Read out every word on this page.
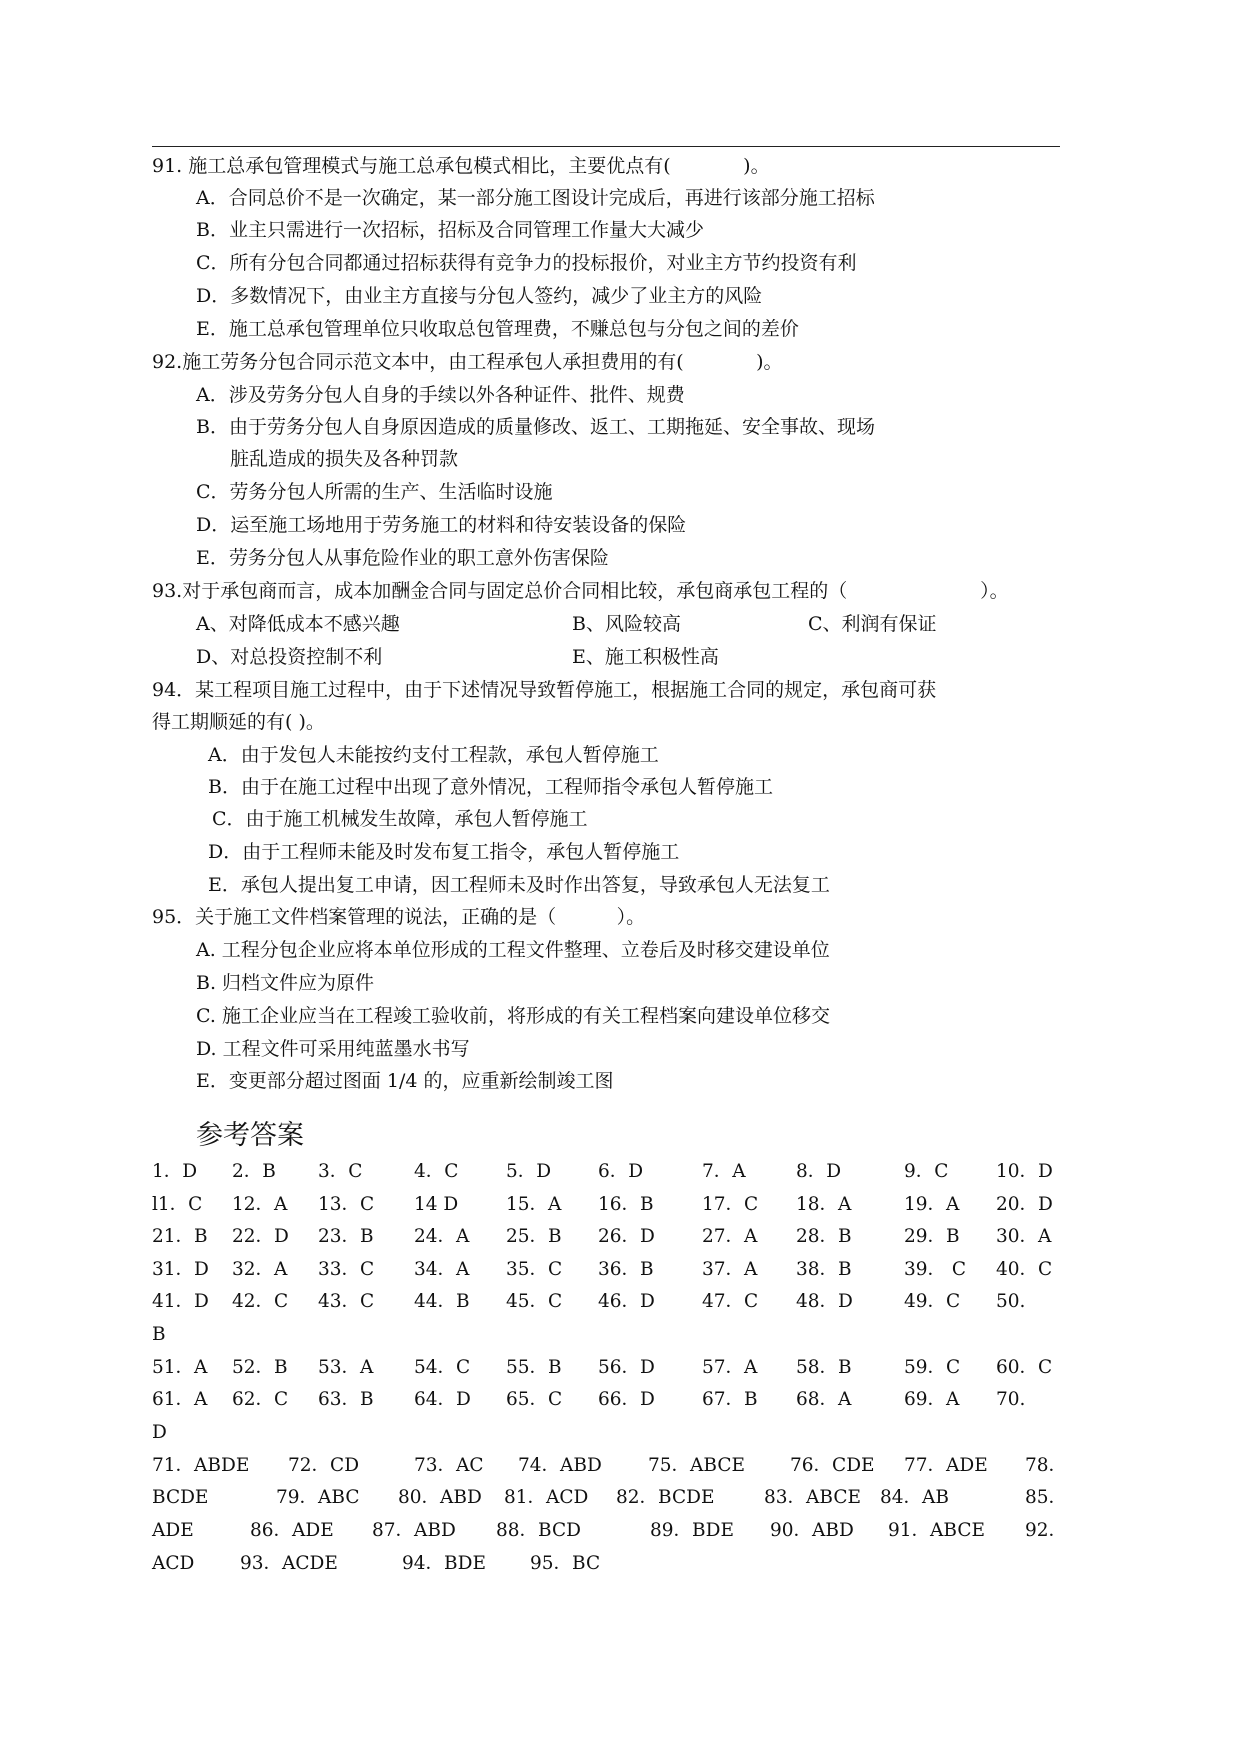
91. 施工总承包管理模式与施工总承包模式相比，主要优点有(	)。
A．合同总价不是一次确定，某一部分施工图设计完成后，再进行该部分施工招标
B．业主只需进行一次招标，招标及合同管理工作量大大减少
C．所有分包合同都通过招标获得有竞争力的投标报价，对业主方节约投资有利
D．多数情况下，由业主方直接与分包人签约，减少了业主方的风险
E．施工总承包管理单位只收取总包管理费，不赚总包与分包之间的差价
92.施工劳务分包合同示范文本中，由工程承包人承担费用的有(	)。
A．涉及劳务分包人自身的手续以外各种证件、批件、规费
B．由于劳务分包人自身原因造成的质量修改、返工、工期拖延、安全事故、现场
脏乱造成的损失及各种罚款
C．劳务分包人所需的生产、生活临时设施
D．运至施工场地用于劳务施工的材料和待安装设备的保险
E．劳务分包人从事危险作业的职工意外伤害保险
93.对于承包商而言，成本加酬金合同与固定总价合同相比较，承包商承包工程的（	）。
A、对降低成本不感兴趣	B、风险较高	C、利润有保证
D、对总投资控制不利	E、施工积极性高
94．某工程项目施工过程中，由于下述情况导致暂停施工，根据施工合同的规定，承包商可获
得工期顺延的有( )。
A．由于发包人未能按约支付工程款，承包人暂停施工
B．由于在施工过程中出现了意外情况，工程师指令承包人暂停施工
C．由于施工机械发生故障，承包人暂停施工
D．由于工程师未能及时发布复工指令，承包人暂停施工
E．承包人提出复工申请，因工程师未及时作出答复，导致承包人无法复工
95．关于施工文件档案管理的说法，正确的是（	）。
A. 工程分包企业应将本单位形成的工程文件整理、立卷后及时移交建设单位
B. 归档文件应为原件
C. 施工企业应当在工程竣工验收前，将形成的有关工程档案向建设单位移交
D. 工程文件可采用纯蓝墨水书写
E．变更部分超过图面 1/4 的，应重新绘制竣工图
参考答案
1．D 2．B 3．C	4．C	5．D	6．D	7．A	8．D	9．C	10．D
l1．C 12．A 13．C 14 D	15．A 16．B	17．C 18．A	19．A 20．D
21．B 22．D 23．B 24．A 25．B 26．D	27．A 28．B	29．B 30．A
31．D 32．A 33．C 34．A 35．C 36．B	37．A 38．B	39． C 40．C
41．D 42．C 43．C 44．B 45．C 46．D	47．C 48．D	49．C 50.
B
51．A 52．B 53．A 54．C 55．B 56．D	57．A 58．B	59．C 60．C
61．A 62．C 63．B 64．D 65．C 66．D	67．B 68．A	69．A 70.
D
71．ABDE 72．CD	73．AC 74．ABD 75．ABCE 76．CDE 77．ADE 78．
BCDE	79．ABC 80．ABD 81．ACD 82．BCDE	83．ABCE 84．AB	85．
ADE	86．ADE 87．ABD 88．BCD	89．BDE 90．ABD 91．ABCE 92．
ACD 93．ACDE	94．BDE 95．BC
